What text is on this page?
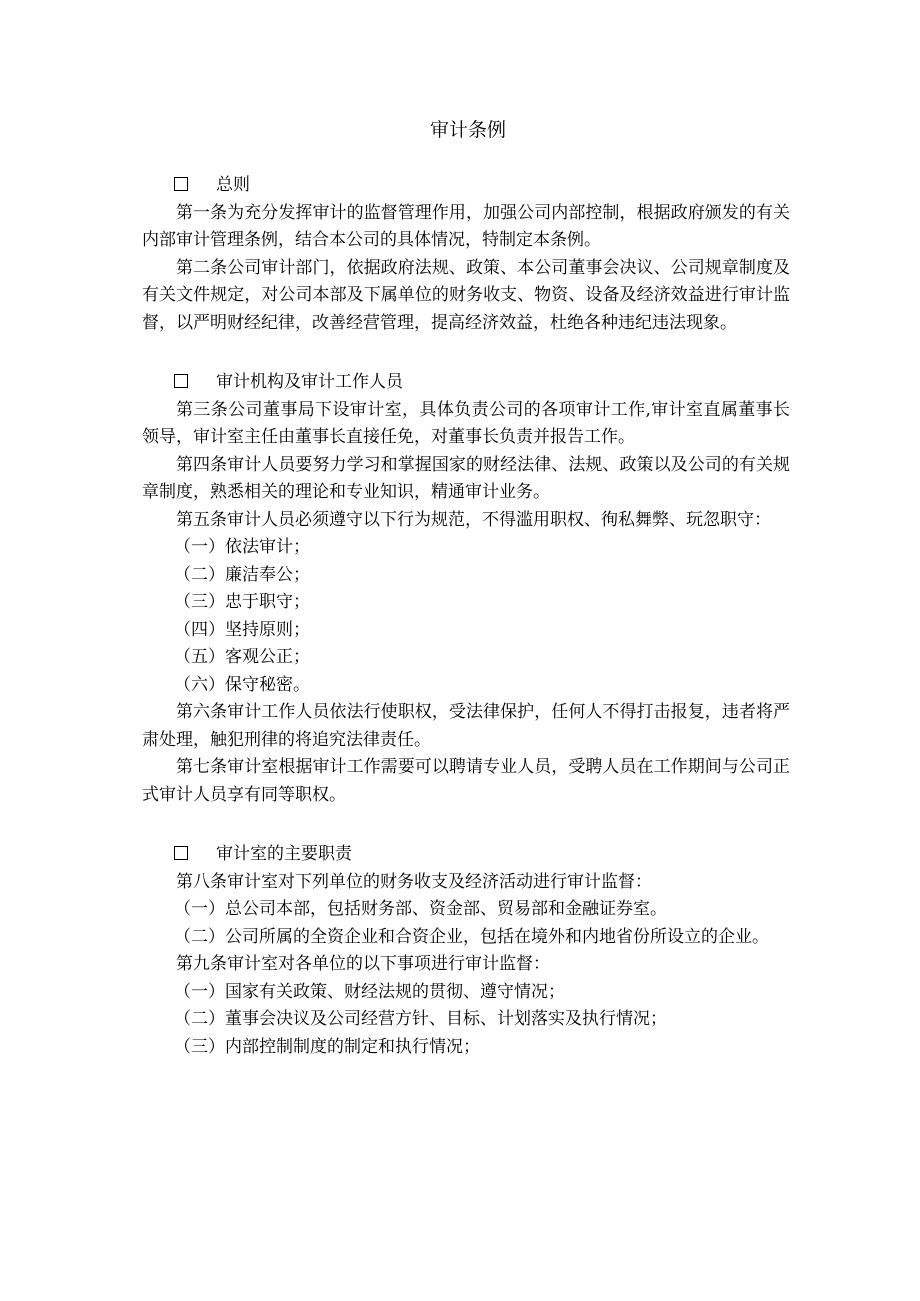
审计条例
总则

第一条为充分发挥审计的监督管理作用，加强公司内部控制，根据政府颁发的有关内部审计管理条例，结合本公司的具体情况，特制定本条例。

第二条公司审计部门，依据政府法规、政策、本公司董事会决议、公司规章制度及有关文件规定，对公司本部及下属单位的财务收支、物资、设备及经济效益进行审计监督，以严明财经纪律，改善经营管理，提高经济效益，杜绝各种违纪违法现象。

审计机构及审计工作人员

第三条公司董事局下设审计室，具体负责公司的各项审计工作,审计室直属董事长领导，审计室主任由董事长直接任免，对董事长负责并报告工作。

第四条审计人员要努力学习和掌握国家的财经法律、法规、政策以及公司的有关规章制度，熟悉相关的理论和专业知识，精通审计业务。

第五条审计人员必须遵守以下行为规范，不得滥用职权、徇私舞弊、玩忽职守：

（一）依法审计；

（二）廉洁奉公；

（三）忠于职守；

（四）坚持原则；

（五）客观公正；

（六）保守秘密。

第六条审计工作人员依法行使职权，受法律保护，任何人不得打击报复，违者将严肃处理，触犯刑律的将追究法律责任。

第七条审计室根据审计工作需要可以聘请专业人员，受聘人员在工作期间与公司正式审计人员享有同等职权。

审计室的主要职责

第八条审计室对下列单位的财务收支及经济活动进行审计监督：

（一）总公司本部，包括财务部、资金部、贸易部和金融证券室。

（二）公司所属的全资企业和合资企业，包括在境外和内地省份所设立的企业。

第九条审计室对各单位的以下事项进行审计监督：

（一）国家有关政策、财经法规的贯彻、遵守情况；

（二）董事会决议及公司经营方针、目标、计划落实及执行情况；

（三）内部控制制度的制定和执行情况；
